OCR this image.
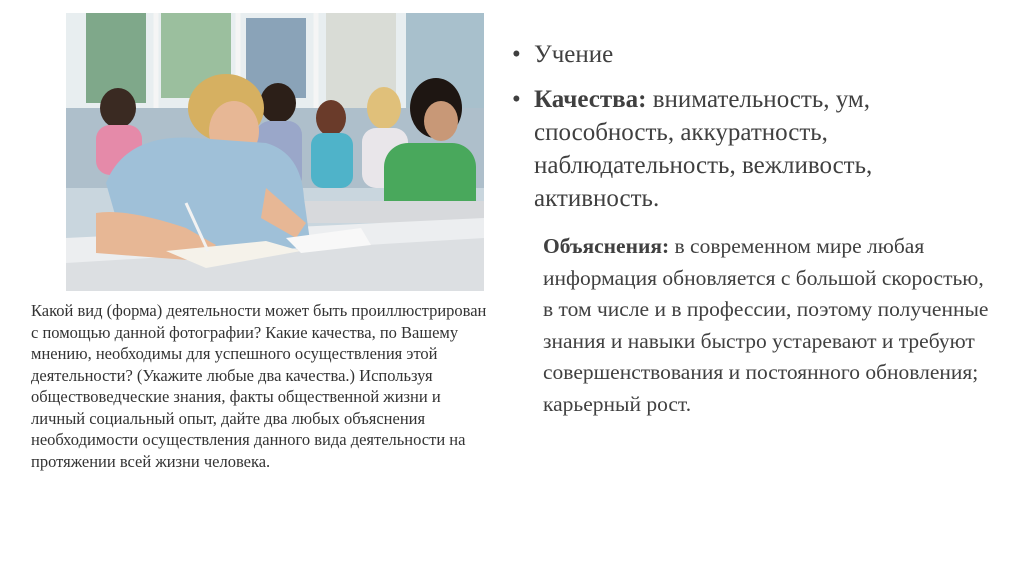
Какой вид (форма) деятельности может быть проиллюстрирован с помощью данной фотографии? Какие качества, по Вашему мнению, необходимы для успешного осуществления этой деятельности? (Укажите любые два качества.) Используя обществоведческие знания, факты общественной жизни и личный социальный опыт, дайте два любых объяснения необходимости осуществления данного вида деятельности на протяжении всей жизни человека.
• Учение
• Качества: внимательность, ум, способность, аккуратность, наблюдательность, вежливость, активность.
Объяснения: в современном мире любая информация обновляется с большой скоростью, в том числе и в профессии, поэтому полученные знания и навыки быстро устаревают и требуют совершенствования и постоянного обновления; карьерный рост.
